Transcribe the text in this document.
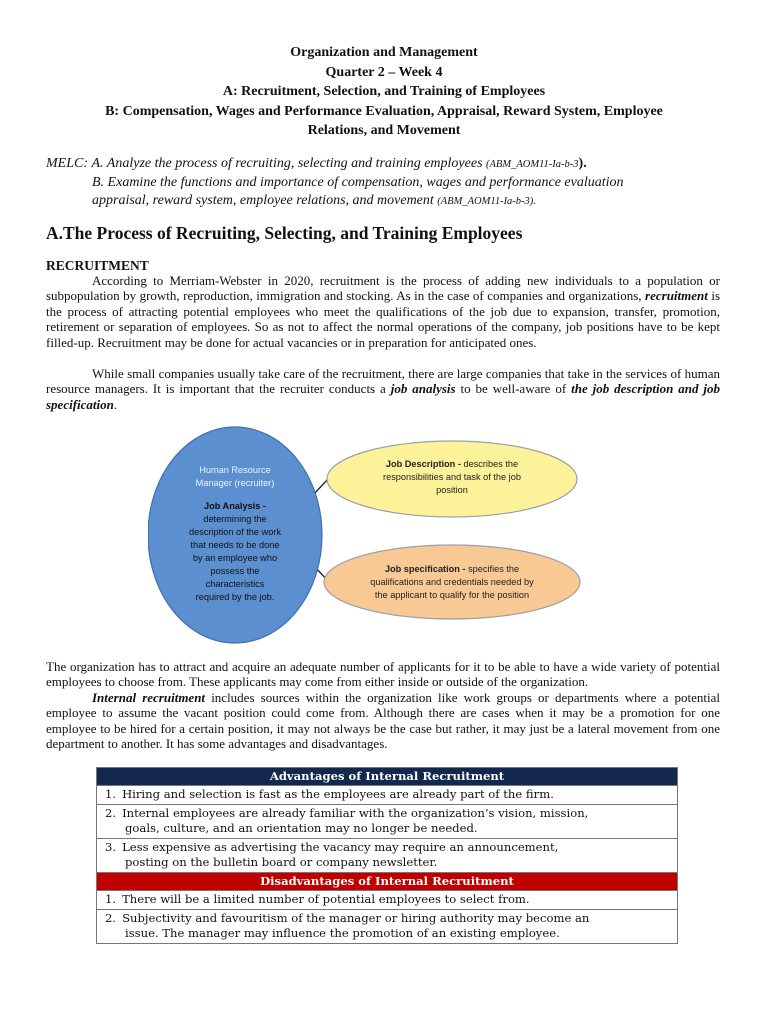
Organization and Management
Quarter 2 – Week 4
A: Recruitment, Selection, and Training of Employees
B: Compensation, Wages and Performance Evaluation, Appraisal, Reward System, Employee
Relations, and Movement
MELC: A. Analyze the process of recruiting, selecting and training employees (ABM_AOM11-Ia-b-3).
B. Examine the functions and importance of compensation, wages and performance evaluation
appraisal, reward system, employee relations, and movement (ABM_AOM11-Ia-b-3).
A.The Process of Recruiting, Selecting, and Training Employees
RECRUITMENT
According to Merriam-Webster in 2020, recruitment is the process of adding new individuals to a population or subpopulation by growth, reproduction, immigration and stocking. As in the case of companies and organizations, recruitment is the process of attracting potential employees who meet the qualifications of the job due to expansion, transfer, promotion, retirement or separation of employees. So as not to affect the normal operations of the company, job positions have to be kept filled-up. Recruitment may be done for actual vacancies or in preparation for anticipated ones.
While small companies usually take care of the recruitment, there are large companies that take in the services of human resource managers. It is important that the recruiter conducts a job analysis to be well-aware of the job description and job specification.
Human Resource
Manager (recruiter)
Job Analysis -
determining the
description of the work
that needs to be done
by an employee who
possess the
characteristics
required by the job.
Job Description - describes the
responsibilities and task of the job
position
Job specification - specifies the
qualifications and credentials needed by
the applicant to qualify for the position
The organization has to attract and acquire an adequate number of applicants for it to be able to have a wide variety of potential employees to choose from. These applicants may come from either inside or outside of the organization.
Internal recruitment includes sources within the organization like work groups or departments where a potential employee to assume the vacant position could come from. Although there are cases when it may be a promotion for one employee to be hired for a certain position, it may not always be the case but rather, it may just be a lateral movement from one department to another. It has some advantages and disadvantages.
Advantages of Internal Recruitment

1. Hiring and selection is fast as the employees are already part of the firm.

2. Internal employees are already familiar with the organization’s vision, mission,
goals, culture, and an orientation may no longer be needed.

3. Less expensive as advertising the vacancy may require an announcement,
posting on the bulletin board or company newsletter.

Disadvantages of Internal Recruitment

1. There will be a limited number of potential employees to select from.

2. Subjectivity and favouritism of the manager or hiring authority may become an
issue. The manager may influence the promotion of an existing employee.
